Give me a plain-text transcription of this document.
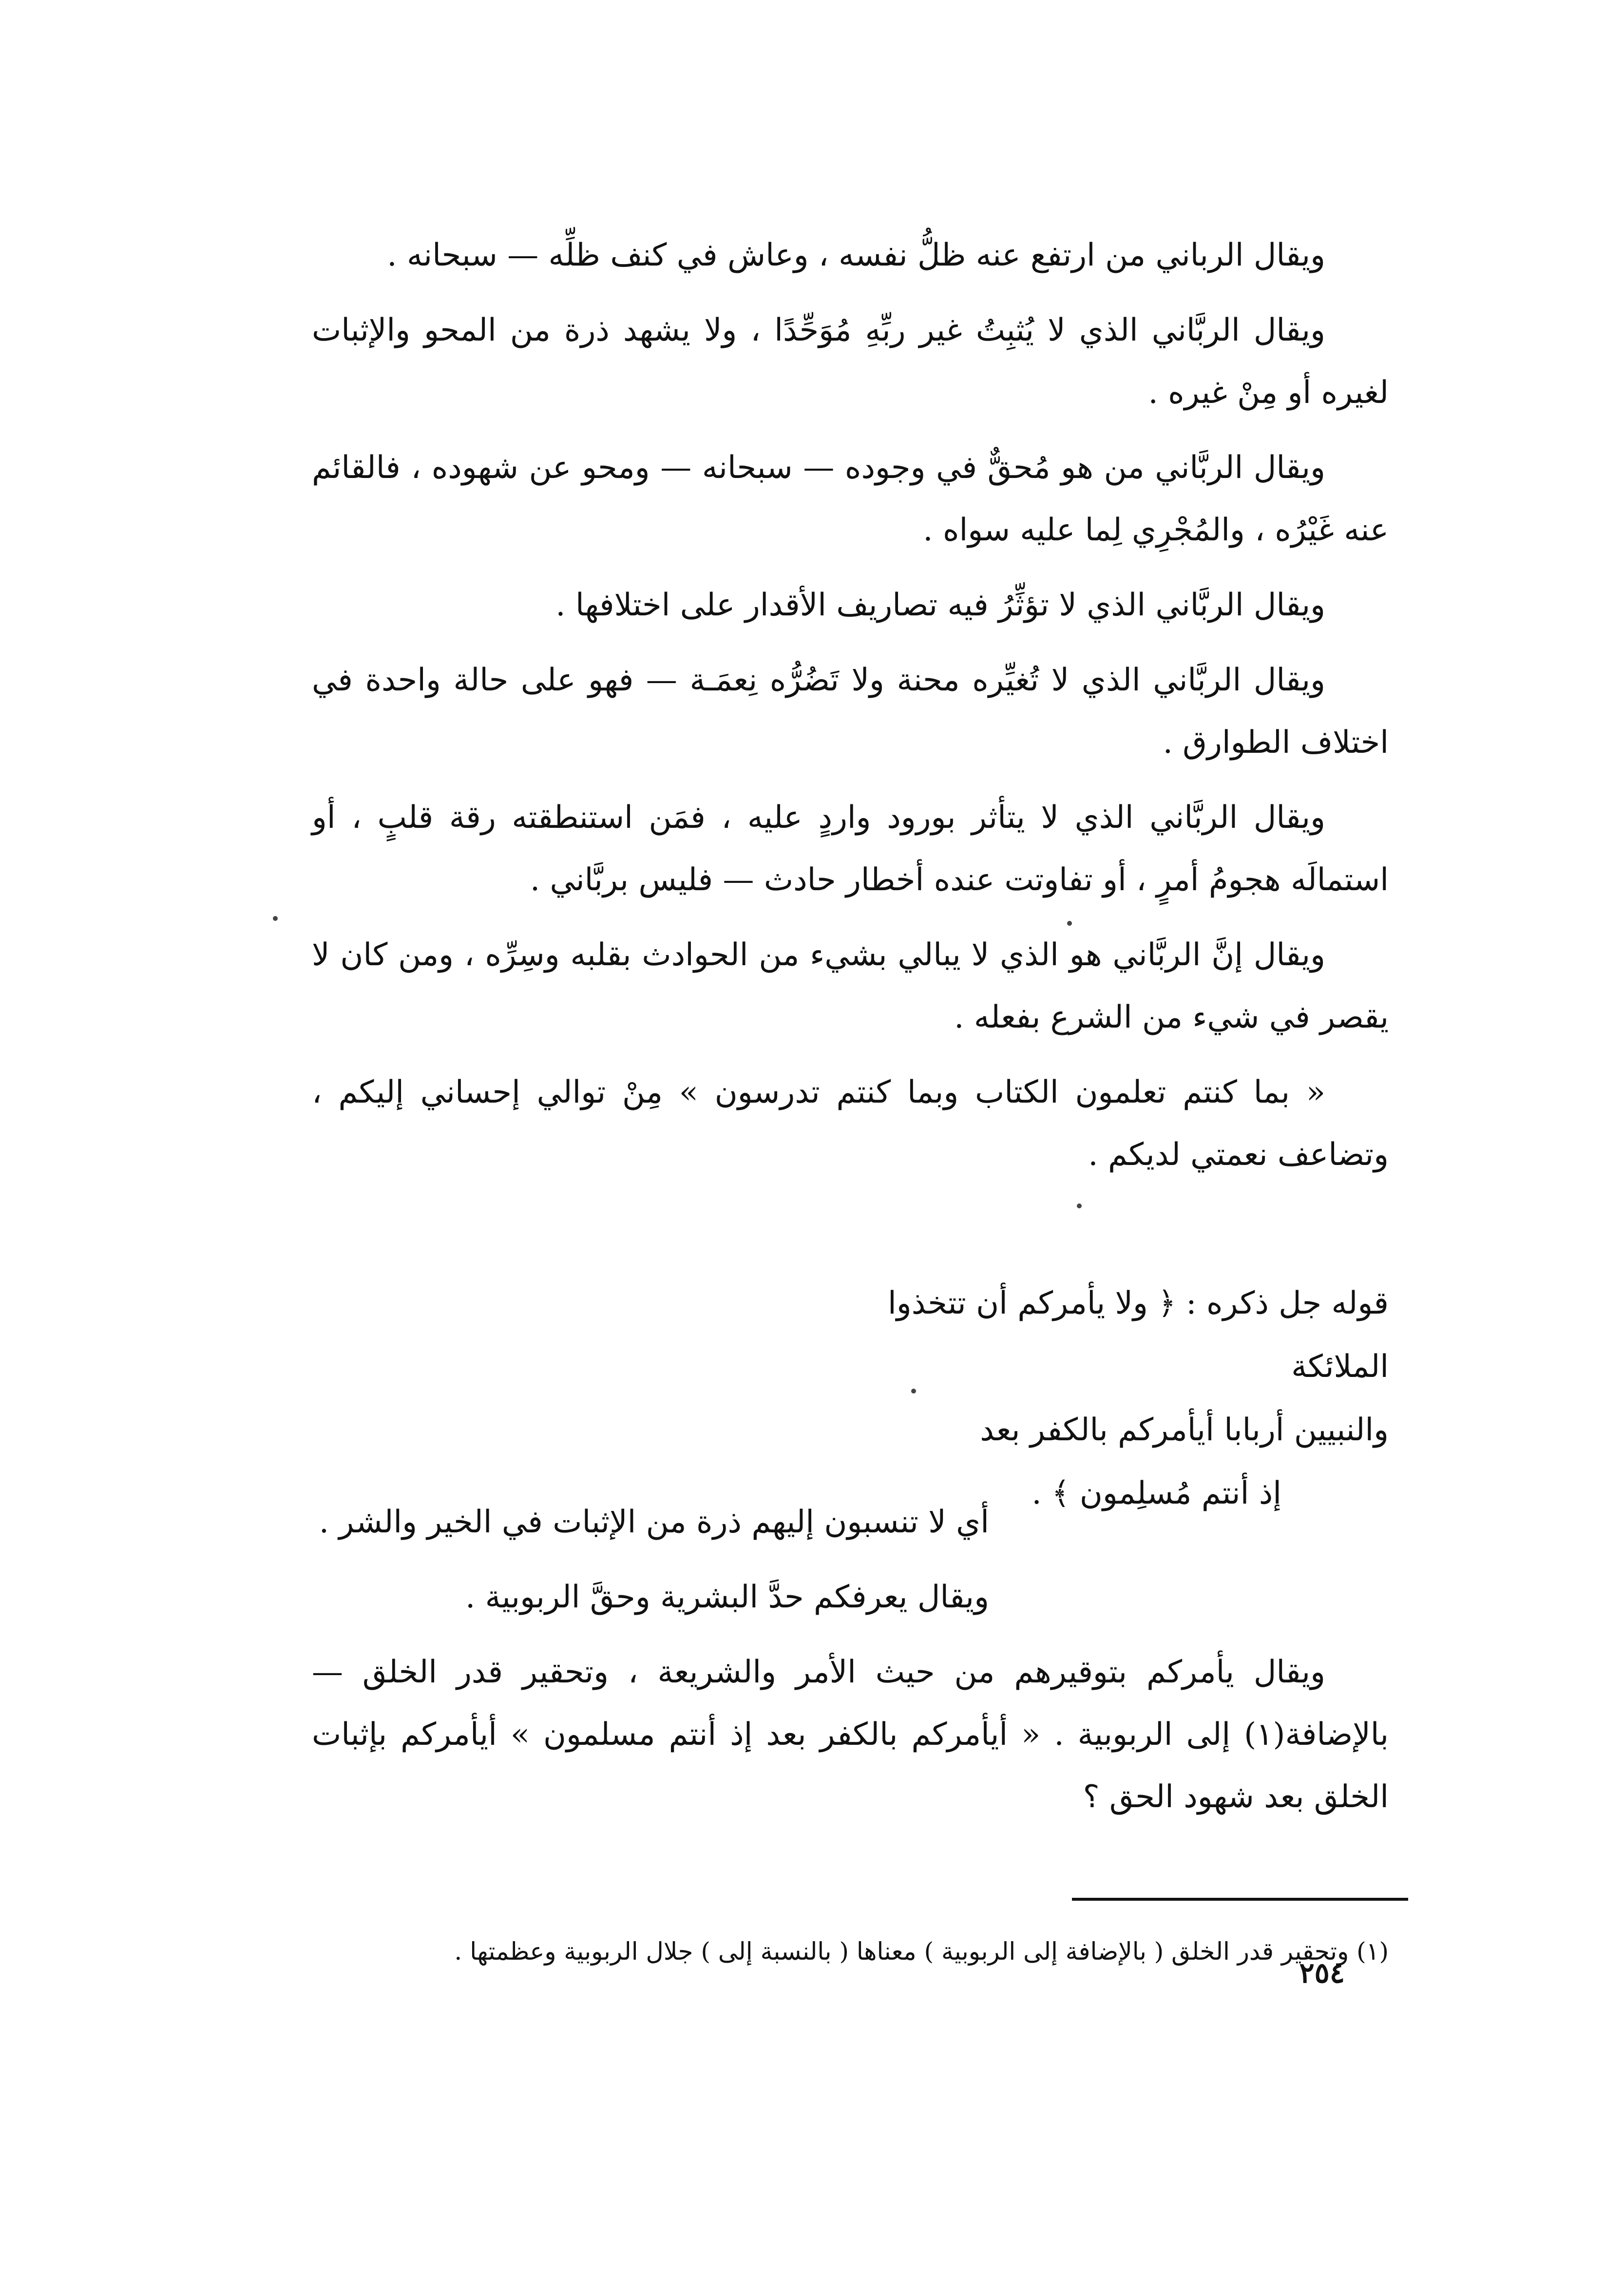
ويقال الرباني من ارتفع عنه ظلُّ نفسه ، وعاش في كنف ظلِّه — سبحانه .

ويقال الربَّاني الذي لا يُثبِتُ غير ربِّهِ مُوَحِّدًا ، ولا يشهد ذرة من المحو والإثبات لغيره أو مِنْ غيره .

ويقال الربَّاني من هو مُحقٌّ في وجوده — سبحانه — ومحو عن شهوده ، فالقائم عنه غَيْرُه ، والمُجْرِي لِما عليه سواه .

ويقال الربَّاني الذي لا تؤثِّرُ فيه تصاريف الأقدار على اختلافها .

ويقال الربَّاني الذي لا تُغيِّره محنة ولا تَضُرُّه نِعمَـة — فهو على حالة واحدة في اختلاف الطوارق .

ويقال الربَّاني الذي لا يتأثر بورود واردٍ عليه ، فمَن استنطقته رقة قلبٍ ، أو استمالَه هجومُ أمرٍ ، أو تفاوتت عنده أخطار حادث — فليس بربَّاني .

ويقال إنَّ الربَّاني هو الذي لا يبالي بشيء من الحوادث بقلبه وسِرِّه ، ومن كان لا يقصر في شيء من الشرع بفعله .

« بما كنتم تعلمون الكتاب وبما كنتم تدرسون » مِنْ توالي إحساني إليكم ، وتضاعف نعمتي لديكم .

قوله جل ذكره : ﴿ ولا يأمركم أن تتخذوا الملائكة

والنبيين أربابا أيأمركم بالكفر بعد

إذ أنتم مُسلِمون ﴾ .

أي لا تنسبون إليهم ذرة من الإثبات في الخير والشر .

ويقال يعرفكم حدَّ البشرية وحقَّ الربوبية .

ويقال يأمركم بتوقيرهم من حيث الأمر والشريعة ، وتحقير قدر الخلق — بالإضافة(١) إلى الربوبية . « أيأمركم بالكفر بعد إذ أنتم مسلمون » أيأمركم بإثبات الخلق بعد شهود الحق ؟

(١) وتحقير قدر الخلق ( بالإضافة إلى الربوبية ) معناها ( بالنسبة إلى ) جلال الربوبية وعظمتها .

٢٥٤
